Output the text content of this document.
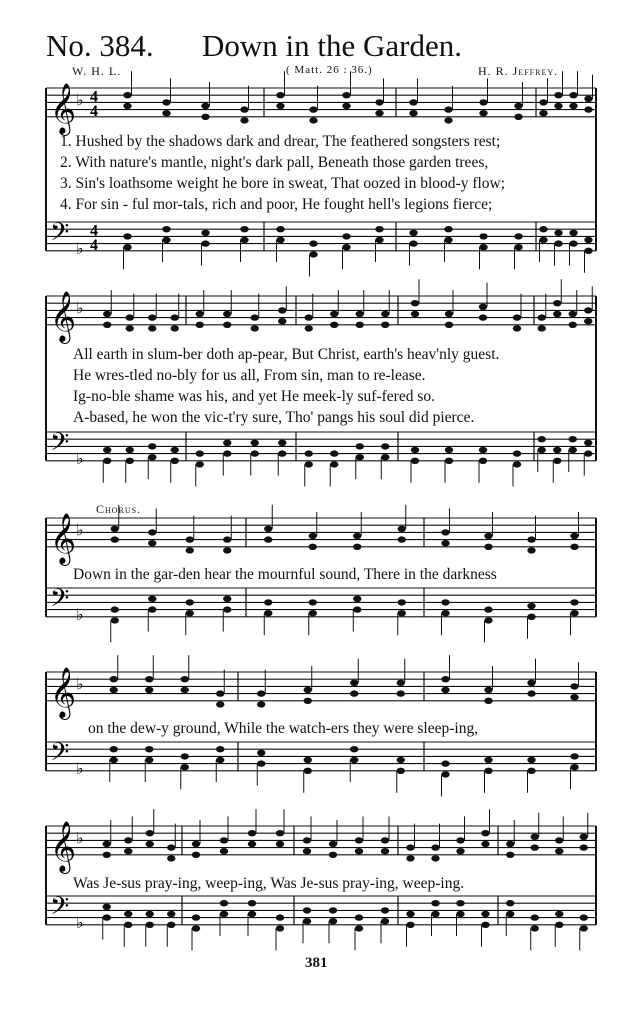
No. 384. Down in the Garden.
W. H. L.	( Matt. 26 : 36.)	H. R. Jeffrey.
𝄞
𝄢
♭
♭
4
4
4
4
𝄞
𝄢
♭
♭
𝄞
𝄢
♭
♭
𝄞
𝄢
♭
♭
𝄞
𝄢
♭
♭
1. Hushed by the shadows dark and drear, The feathered songsters rest;
2. With nature's mantle, night's dark pall, Beneath those garden trees,
3. Sin's loathsome weight he bore in sweat, That oozed in blood-y flow;
4. For sin - ful mor-tals, rich and poor, He fought hell's legions fierce;
All earth in slum-ber doth ap-pear, But Christ, earth's heav'nly guest.
He wres-tled no-bly for us all, From sin, man to re-lease.
Ig-no-ble shame was his, and yet He meek-ly suf-fered so.
A-based, he won the vic-t'ry sure, Tho' pangs his soul did pierce.
Chorus.
Down in the gar-den hear the mournful sound, There in the darkness
on the dew-y ground, While the watch-ers they were sleep-ing,
Was Je-sus pray-ing, weep-ing, Was Je-sus pray-ing, weep-ing.
381
